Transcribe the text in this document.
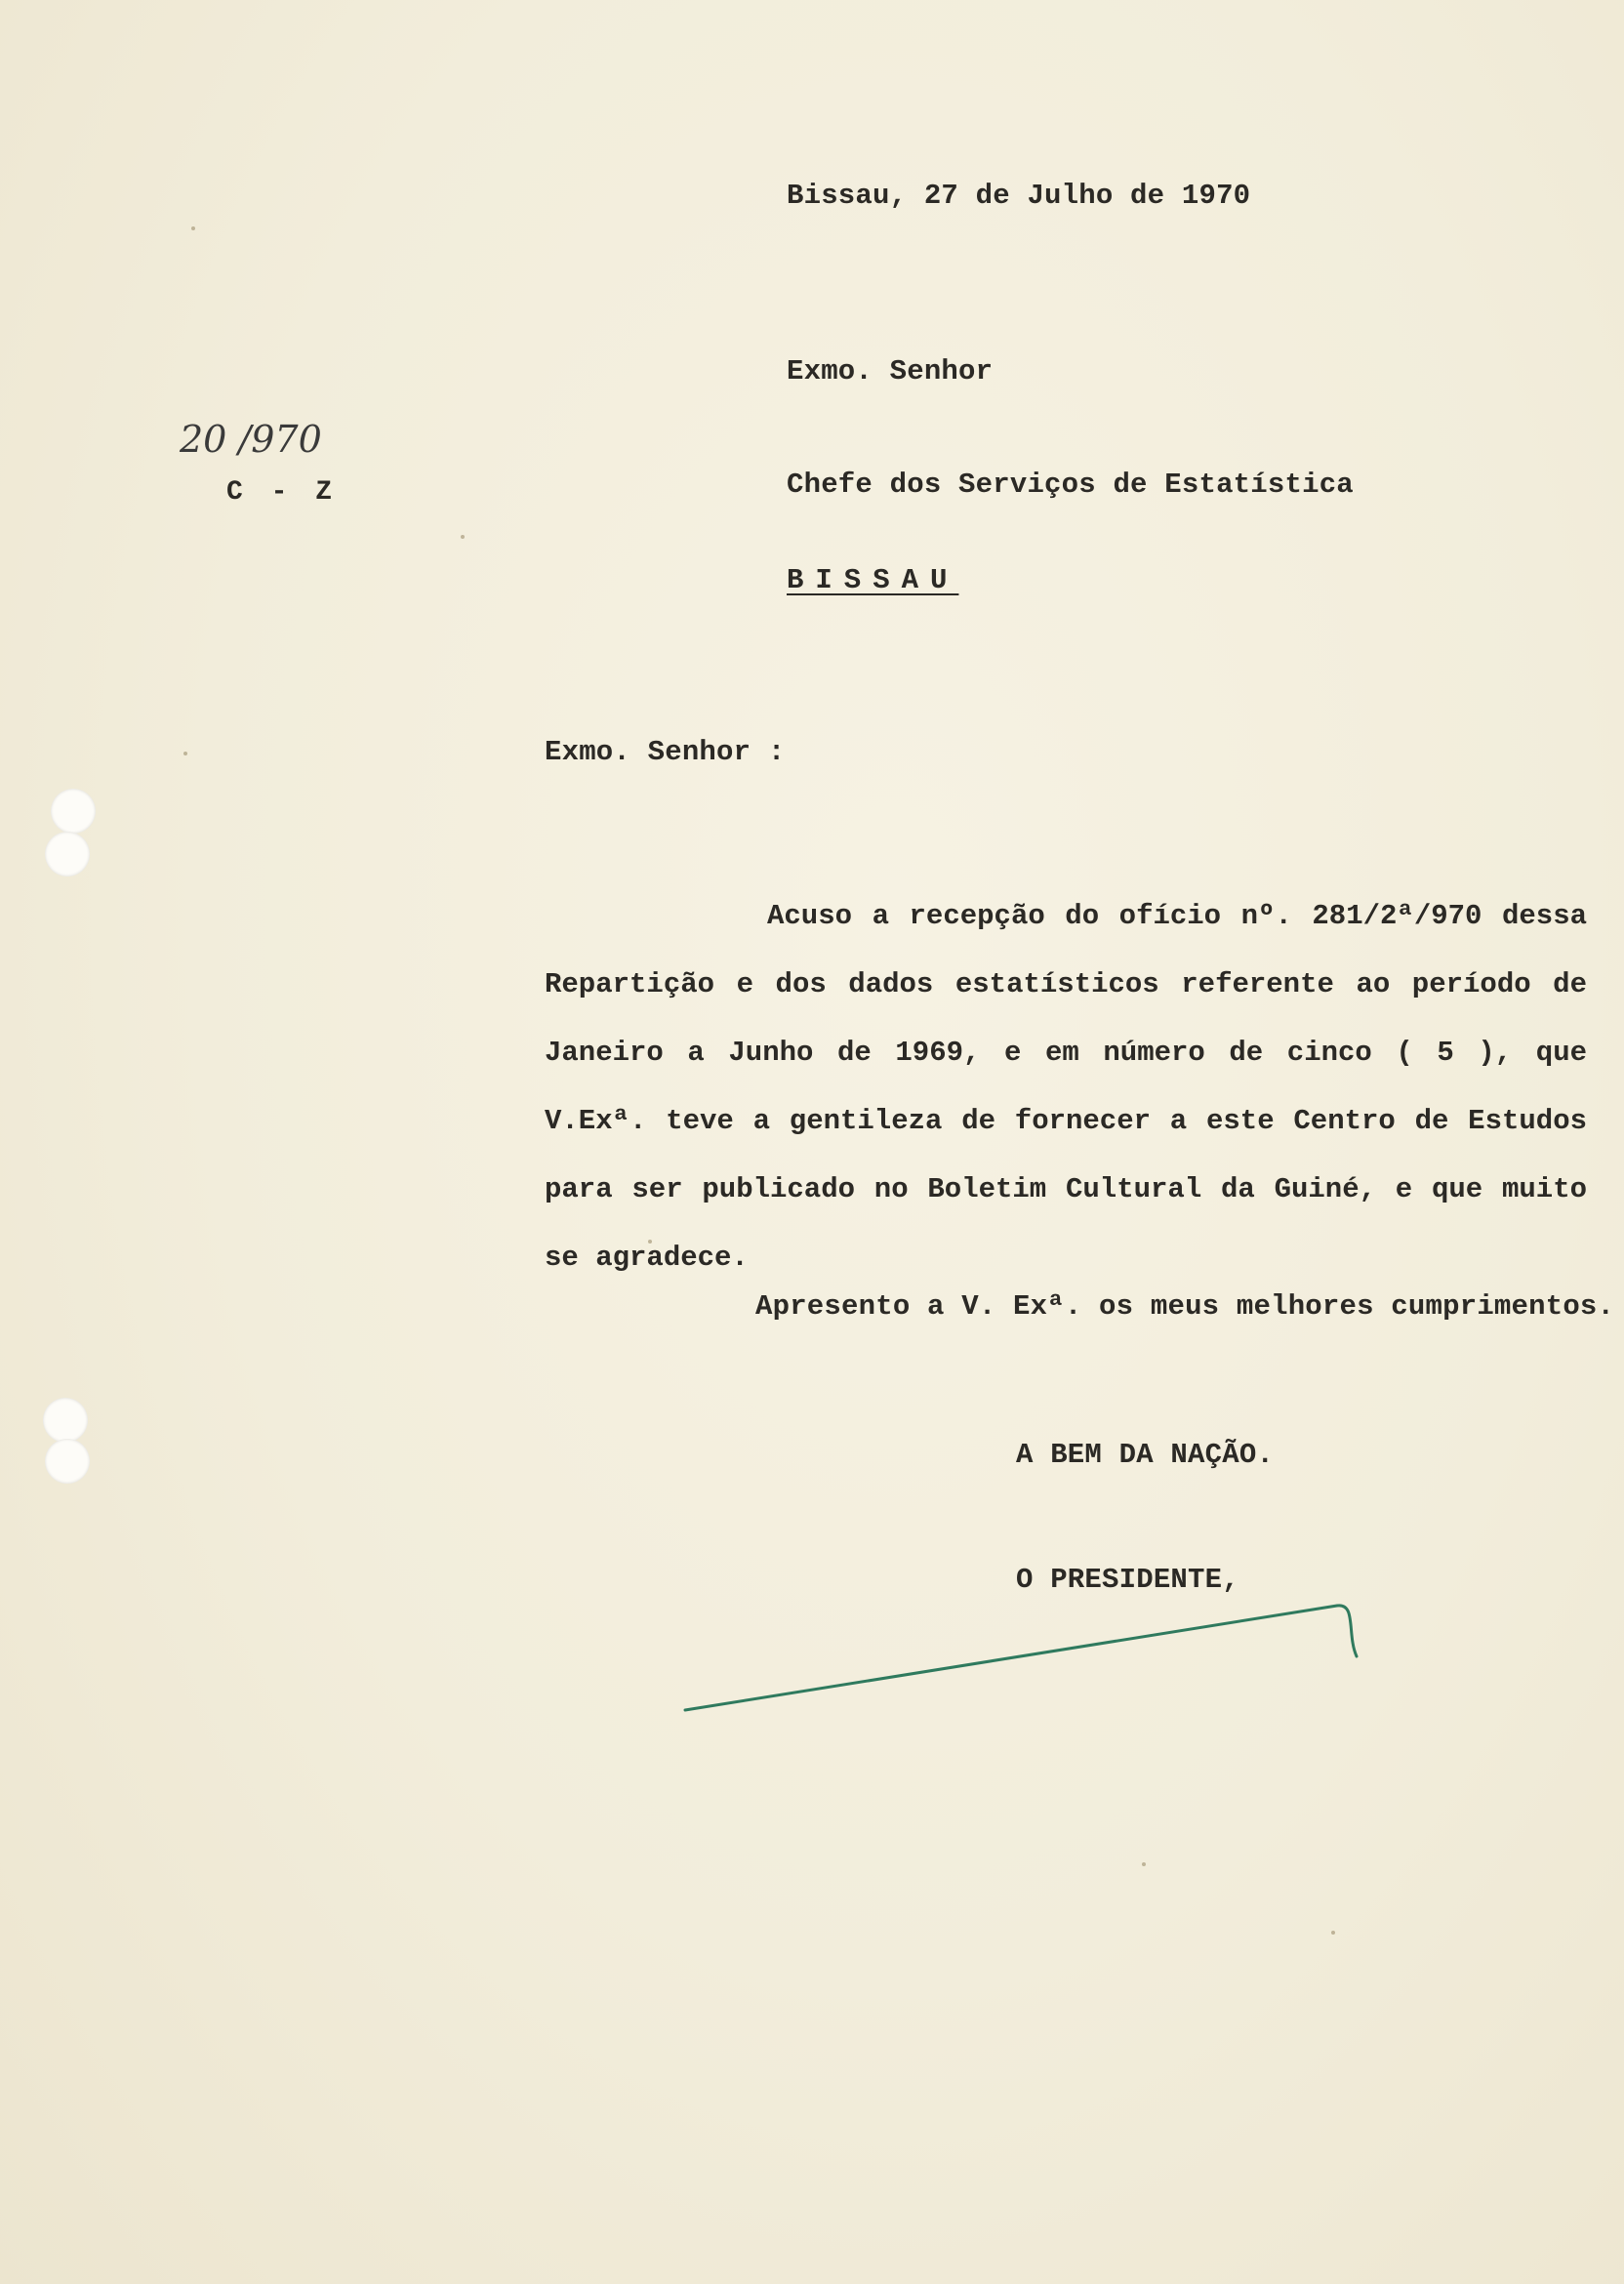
Bissau, 27 de Julho de 1970
20 /970
C - Z
Exmo. Senhor
Chefe dos Serviços de Estatística
BISSAU
Exmo. Senhor :
Acuso a recepção do ofício nº. 281/2ª/970 dessa Repartição e dos dados estatísticos referente ao período de Janeiro a Junho de 1969, e em número de cinco ( 5 ), que V.Exª. teve a gentileza de fornecer a este Centro de Estudos para ser publicado no Boletim Cultural da Guiné, e que muito se agradece.
Apresento a V. Exª. os meus melhores cumprimentos.
A BEM DA NAÇÃO.
O PRESIDENTE,
